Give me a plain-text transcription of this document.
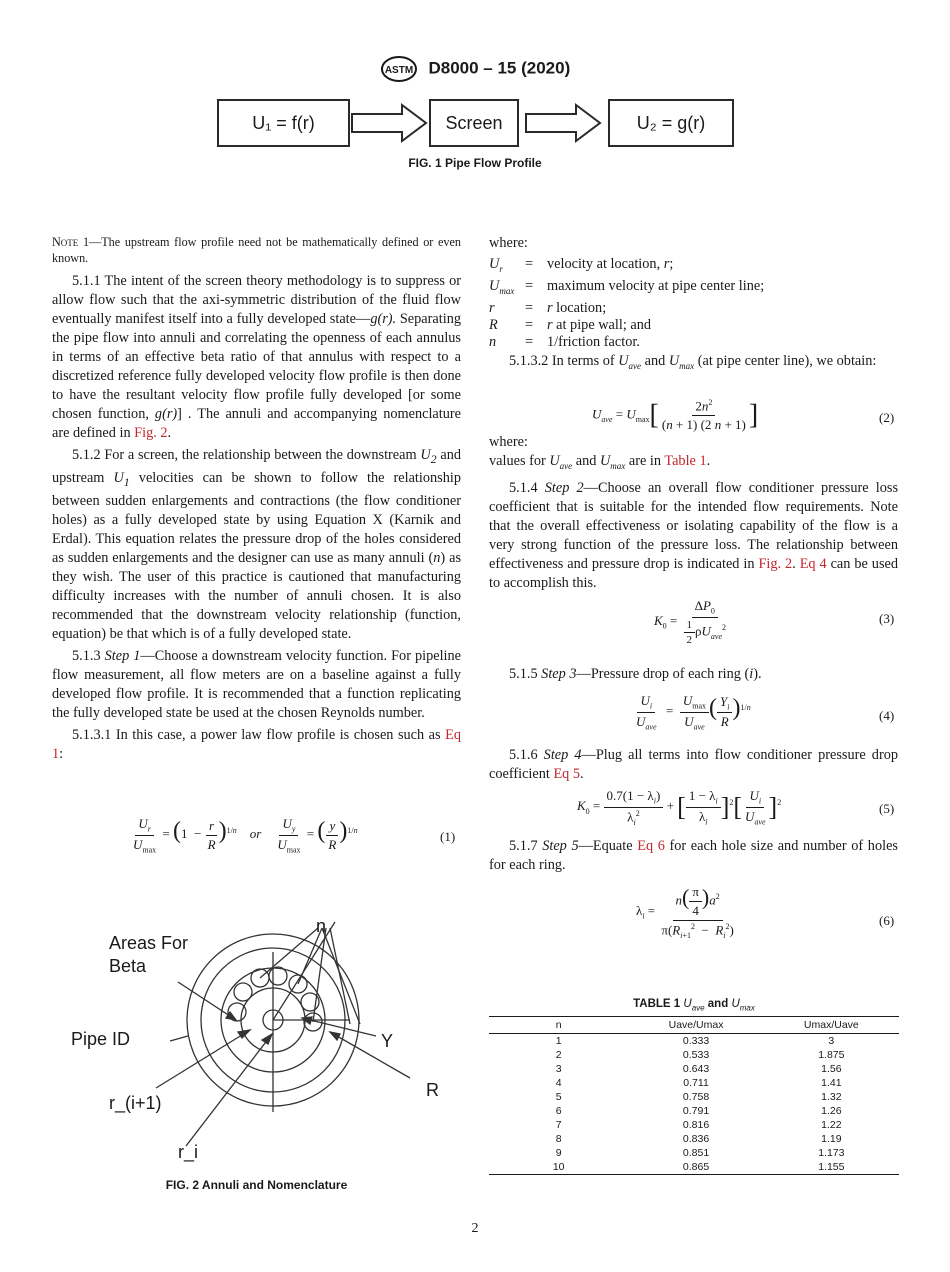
ASTM D8000 – 15 (2020)
U₁ = f(r)	Screen	U₂ = g(r)
FIG. 1 Pipe Flow Profile
Note 1—The upstream flow profile need not be mathematically defined or even known.

5.1.1 The intent of the screen theory methodology is to suppress or allow flow such that the axi-symmetric distribution of the fluid flow eventually manifest itself into a fully developed state—g(r). Separating the pipe flow into annuli and correlating the openness of each annulus in terms of an effective beta ratio of that annulus with respect to a discretized reference fully developed velocity flow profile is then done to have the resultant velocity flow profile fully developed [or some chosen function, g(r)] . The annuli and accompanying nomenclature are defined in Fig. 2.

5.1.2 For a screen, the relationship between the downstream $U_2$ and upstream $U_1$ velocities can be shown to follow the relationship between sudden enlargements and contractions (the flow conditioner holes) as a fully developed state by using Equation X (Karnik and Erdal). This equation relates the pressure drop of the holes considered as sudden enlargements and the designer can use as many annuli (n) as they wish. The user of this practice is cautioned that manufacturing difficulty increases with the number of annuli chosen. It is also recommended that the downstream velocity relationship (function, equation) be that which is of a fully developed state.

5.1.3 Step 1—Choose a downstream velocity function. For pipeline flow measurement, all flow meters are on a baseline against a fully developed flow profile. It is recommended that a function replicating the fully developed state be used at the chosen Reynolds number.

5.1.3.1 In this case, a power law flow profile is chosen such as Eq 1:

$\frac{U_r}{U_{max}} = (1 - \frac{r}{R} )^{1/n}$ or $\frac{U_y}{U_{max}}$ = ( $\frac{y}{R} )^{1/n}$	(1)
Areas For
Beta
Pipe ID
r_(i+1)
r_i
n
Y
R
FIG. 2 Annuli and Nomenclature
where:
$U_r$	= velocity at location, r;
$U_{max}$ = maximum velocity at pipe center line;
r	= r location;
R	= r at pipe wall; and
n	= 1/friction factor.

5.1.3.2 In terms of $U_{ave}$ and $U_{max}$ (at pipe center line), we obtain:

$U_{ave} = U_{max}[ \frac{2n^2}{(n + 1) (2 n + 1)}$ ]	(2)
where:
values for $U_{ave}$ and $U_{max}$ are in Table 1.

5.1.4 Step 2—Choose an overall flow conditioner pressure loss coefficient that is suitable for the intended flow requirements. Note that the overall effectiveness or isolating capability of the flow is a very strong function of the pressure loss. The relationship between effectiveness and pressure drop is indicated in Fig. 2. Eq 4 can be used to accomplish this.

$K_0 = \frac{\Delta P_0}{\frac{1}{2} \rho U_{ave}^2}$	(3)

5.1.5 Step 3—Pressure drop of each ring (i).

$\frac{U_i}{U_{ave}} = \frac{U_{max}}{U_{ave}}$ ( $\frac{Y_i}{R} )^{1/n}$
(4)

5.1.6 Step 4—Plug all terms into flow conditioner pressure drop coefficient Eq 5.

$K_0 = \frac{0.7(1 - \lambda_i)}{\lambda_i^2}$ + [ $\frac{1 - \lambda_i}{\lambda_i} ]^2[ \frac{U_i}{U_{ave}} ]^2$	(5)

5.1.7 Step 5—Equate Eq 6 for each hole size and number of holes for each ring.

$\lambda_i = \frac{n( \frac{\pi}{4} )a^2}{\pi(R_{i+1}^2 - R_i^2)}$	(6)
TABLE 1 $U_{ave}$ and $U_{max}$
n	Uave/Umax	Umax/Uave
1	0.333	3
2	0.533	1.875
3	0.643	1.56
4	0.711	1.41
5	0.758	1.32
6	0.791	1.26
7	0.816	1.22
8	0.836	1.19
9	0.851	1.173
10	0.865	1.155
2
